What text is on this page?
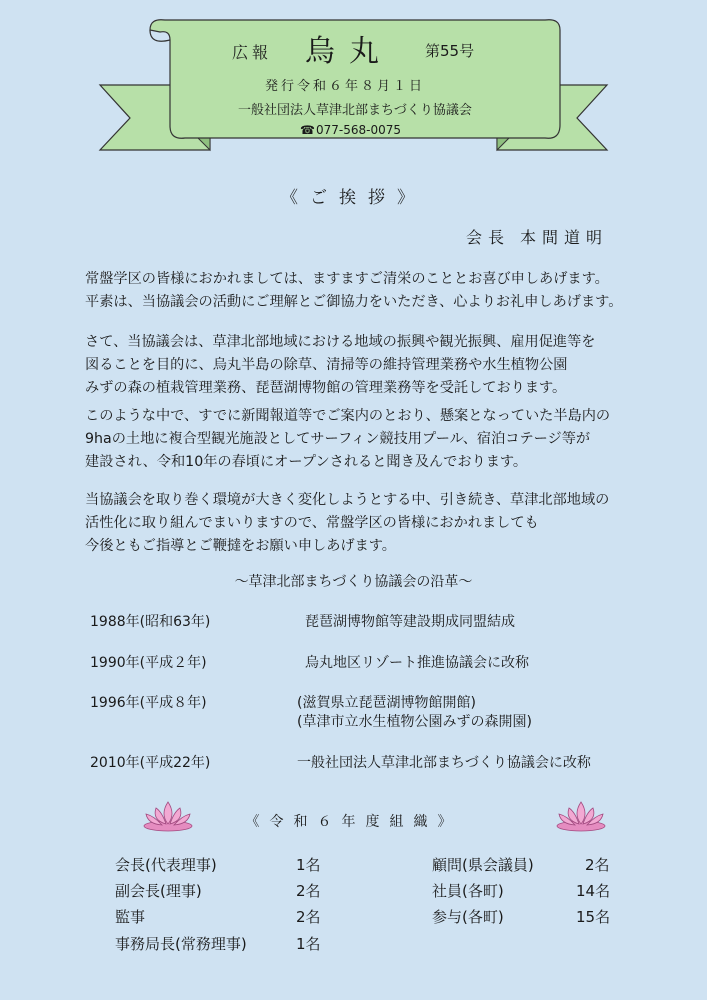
広報 烏丸 第55号
発行令和６年８月１日
一般社団法人草津北部まちづくり協議会
☎077-568-0075
《ご挨拶》
会長 本間道明
常盤学区の皆様におかれましては、ますますご清栄のこととお喜び申しあげます。
平素は、当協議会の活動にご理解とご御協力をいただき、心よりお礼申しあげます。
さて、当協議会は、草津北部地域における地域の振興や観光振興、雇用促進等を
図ることを目的に、烏丸半島の除草、清掃等の維持管理業務や水生植物公園
みずの森の植栽管理業務、琵琶湖博物館の管理業務等を受託しております。
このような中で、すでに新聞報道等でご案内のとおり、懸案となっていた半島内の
9haの土地に複合型観光施設としてサーフィン競技用プール、宿泊コテージ等が
建設され、令和10年の春頃にオープンされると聞き及んでおります。
当協議会を取り巻く環境が大きく変化しようとする中、引き続き、草津北部地域の
活性化に取り組んでまいりますので、常盤学区の皆様におかれましても
今後ともご指導とご鞭撻をお願い申しあげます。
～草津北部まちづくり協議会の沿革～
1988年(昭和63年)	琵琶湖博物館等建設期成同盟結成
1990年(平成２年)	烏丸地区リゾート推進協議会に改称
1996年(平成８年)	(滋賀県立琵琶湖博物館開館)
(草津市立水生植物公園みずの森開園)
2010年(平成22年)	一般社団法人草津北部まちづくり協議会に改称
《令和６年度組織》
会長(代表理事)	1名
副会長(理事)	2名
監事	2名
事務局長(常務理事)	1名
顧問(県会議員)	2名
社員(各町)	14名
参与(各町)	15名
